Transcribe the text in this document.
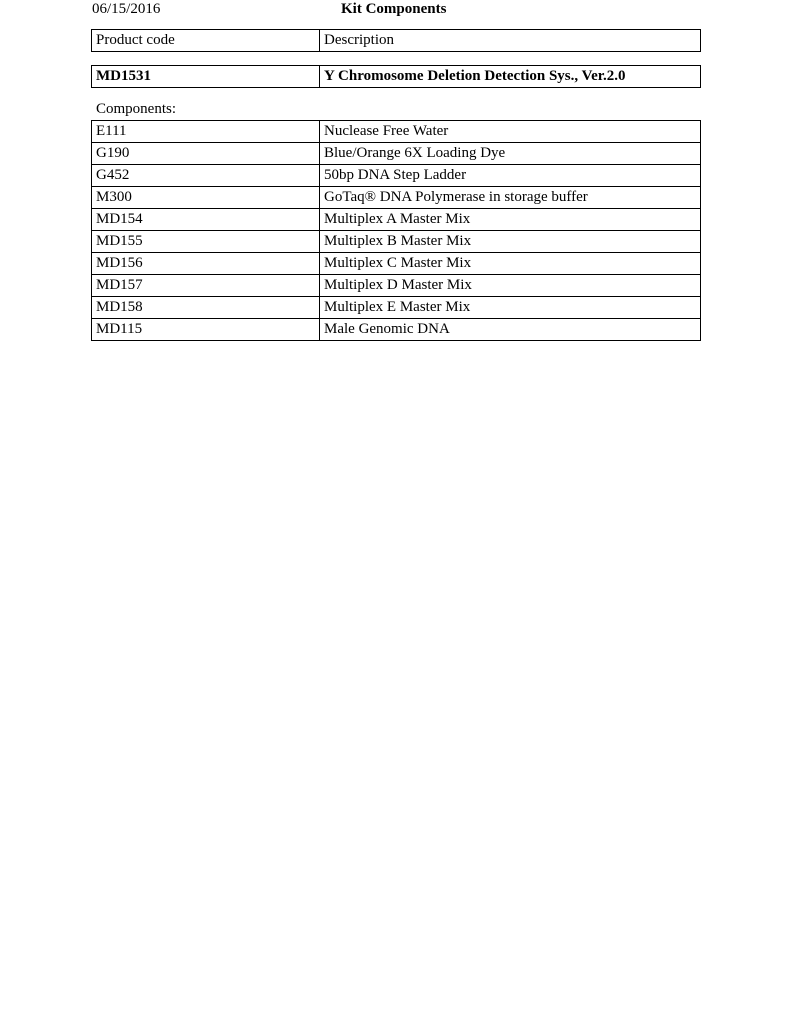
06/15/2016	Kit Components
Product code	Description
MD1531	Y Chromosome Deletion Detection Sys., Ver.2.0
Components:
E111	Nuclease Free Water
G190	Blue/Orange 6X Loading Dye
G452	50bp DNA Step Ladder
M300	GoTaq® DNA Polymerase in storage buffer
MD154	Multiplex A Master Mix
MD155	Multiplex B Master Mix
MD156	Multiplex C Master Mix
MD157	Multiplex D Master Mix
MD158	Multiplex E Master Mix
MD115	Male Genomic DNA
